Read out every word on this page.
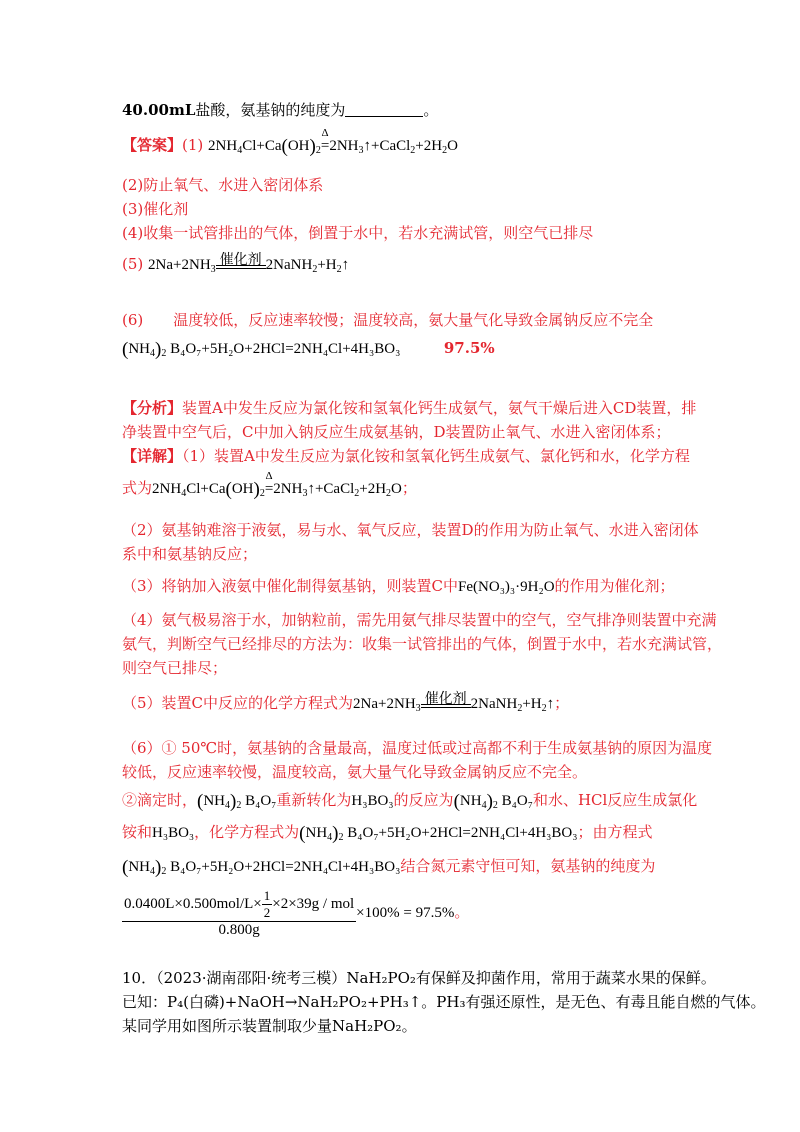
40.00mL盐酸，氨基钠的纯度为	。
【答案】(1) $2NH_4Cl+Ca(OH)_2$
Δ
$=2NH_3↑+CaCl_2+2H_2O$
(2)防止氧气、水进入密闭体系
(3)催化剂
(4)收集一试管排出的气体，倒置于水中，若水充满试管，则空气已排尽
(5) $2Na+2NH_3$
催化剂 $2NaNH_2+H_2↑$
(6) 温度较低，反应速率较慢；温度较高，氨大量气化导致金属钠反应不完全
$(NH_4)_2$ B₄O₇+5H₂O+2HCl=2NH₄Cl+4H₃BO₃	97.5%
【分析】装置A中发生反应为氯化铵和氢氧化钙生成氨气，氨气干燥后进入CD装置，排
净装置中空气后，C中加入钠反应生成氨基钠，D装置防止氧气、水进入密闭体系；
【详解】（1）装置A中发生反应为氯化铵和氢氧化钙生成氨气、氯化钙和水，化学方程
式为$2NH_4Cl+Ca(OH)_2$
Δ
$=2NH_3↑+CaCl_2+2H_2O$；
（2）氨基钠难溶于液氨，易与水、氧气反应，装置D的作用为防止氧气、水进入密闭体
系中和氨基钠反应；
（3）将钠加入液氨中催化制得氨基钠，则装置C中Fe(NO₃)₃·9H₂O的作用为催化剂；
（4）氨气极易溶于水，加钠粒前，需先用氨气排尽装置中的空气，空气排净则装置中充满
氨气，判断空气已经排尽的方法为：收集一试管排出的气体，倒置于水中，若水充满试管，
则空气已排尽；
（5）装置C中反应的化学方程式为$2Na+2NH_3$
催化剂 $2NaNH_2+H_2↑$；
（6）① 50℃时，氨基钠的含量最高，温度过低或过高都不利于生成氨基钠的原因为温度
较低，反应速率较慢，温度较高，氨大量气化导致金属钠反应不完全。
②滴定时，$(NH_4)_2$ B₄O₇重新转化为H₃BO₃的反应为$(NH_4)_2$ B₄O₇和水、HCl反应生成氯化
铵和H₃BO₃，化学方程式为$(NH_4)_2$ B₄O₇+5H₂O+2HCl=2NH₄Cl+4H₃BO₃；由方程式
$(NH_4)_2$ B₄O₇+5H₂O+2HCl=2NH₄Cl+4H₃BO₃结合氮元素守恒可知，氨基钠的纯度为
$\frac{0.0400L\times 0.500mol/L\times \frac{1}{2} \times 2\times 39g / mol}{0.800g} \times 100\% = 97.5\%$。
10．（2023·湖南邵阳·统考三模）NaH₂PO₂有保鲜及抑菌作用，常用于蔬菜水果的保鲜。
已知：P₄(白磷)+NaOH→NaH₂PO₂+PH₃↑。PH₃有强还原性，是无色、有毒且能自燃的气体。
某同学用如图所示装置制取少量NaH₂PO₂。
